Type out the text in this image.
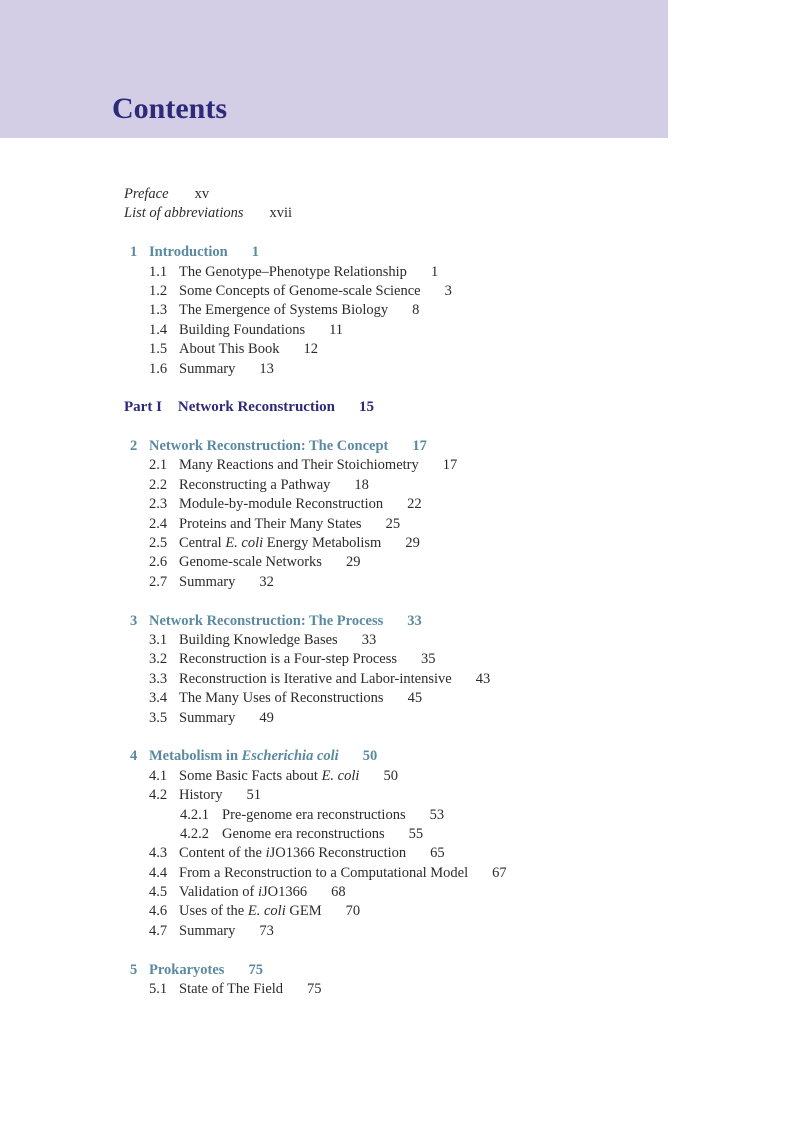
Contents
Preface xv
List of abbreviations xvii
1 Introduction 1
1.1 The Genotype–Phenotype Relationship 1
1.2 Some Concepts of Genome-scale Science 3
1.3 The Emergence of Systems Biology 8
1.4 Building Foundations 11
1.5 About This Book 12
1.6 Summary 13
Part I Network Reconstruction 15
2 Network Reconstruction: The Concept 17
2.1 Many Reactions and Their Stoichiometry 17
2.2 Reconstructing a Pathway 18
2.3 Module-by-module Reconstruction 22
2.4 Proteins and Their Many States 25
2.5 Central E. coli Energy Metabolism 29
2.6 Genome-scale Networks 29
2.7 Summary 32
3 Network Reconstruction: The Process 33
3.1 Building Knowledge Bases 33
3.2 Reconstruction is a Four-step Process 35
3.3 Reconstruction is Iterative and Labor-intensive 43
3.4 The Many Uses of Reconstructions 45
3.5 Summary 49
4 Metabolism in Escherichia coli 50
4.1 Some Basic Facts about E. coli 50
4.2 History 51
4.2.1 Pre-genome era reconstructions 53
4.2.2 Genome era reconstructions 55
4.3 Content of the iJO1366 Reconstruction 65
4.4 From a Reconstruction to a Computational Model 67
4.5 Validation of iJO1366 68
4.6 Uses of the E. coli GEM 70
4.7 Summary 73
5 Prokaryotes 75
5.1 State of The Field 75
